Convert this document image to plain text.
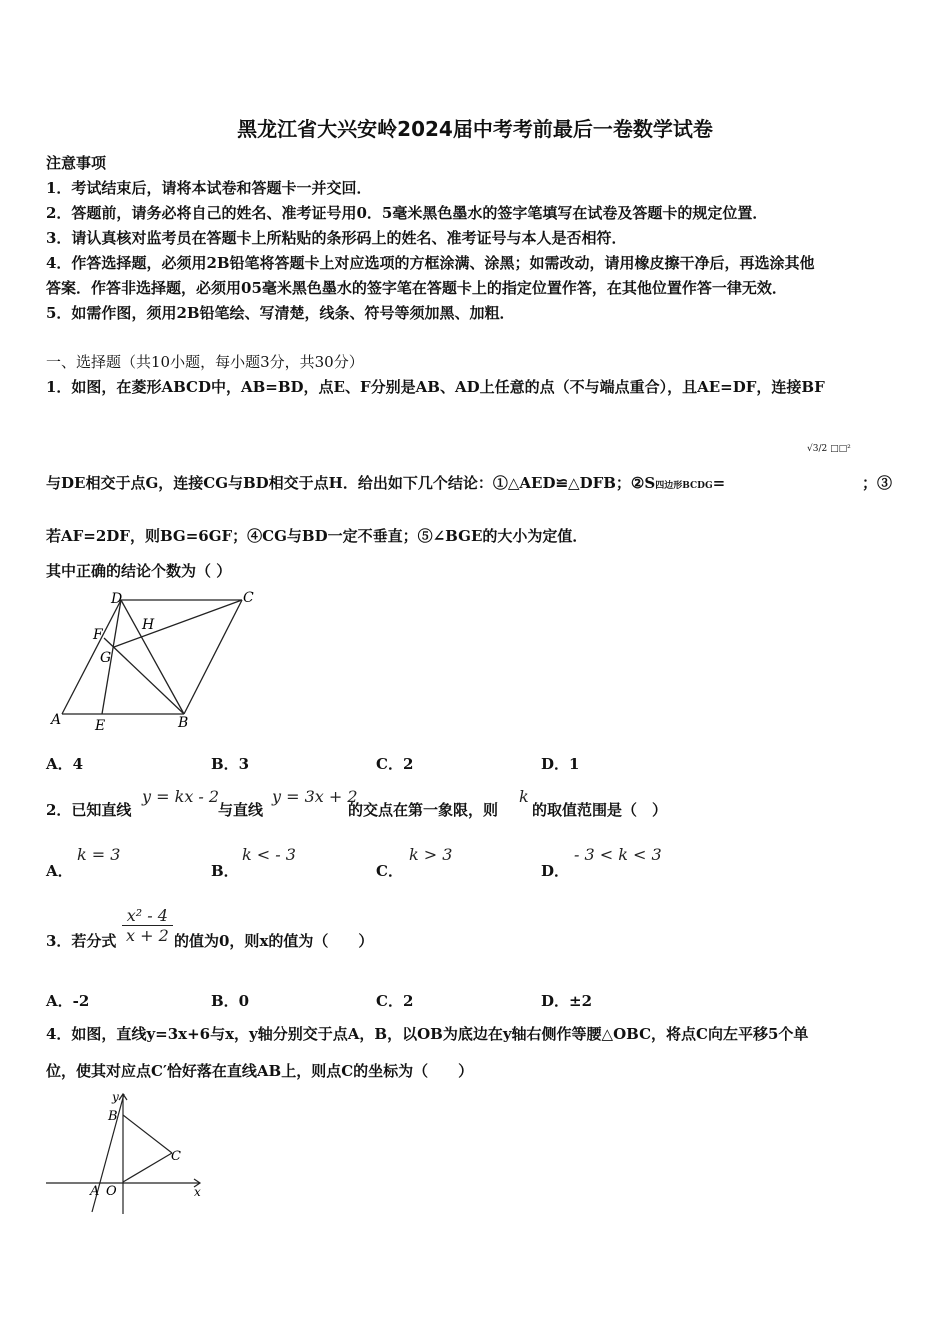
黑龙江省大兴安岭2024届中考考前最后一卷数学试卷
注意事项
1．考试结束后，请将本试卷和答题卡一并交回．
2．答题前，请务必将自己的姓名、准考证号用0．5毫米黑色墨水的签字笔填写在试卷及答题卡的规定位置．
3．请认真核对监考员在答题卡上所粘贴的条形码上的姓名、准考证号与本人是否相符．
4．作答选择题，必须用2B铅笔将答题卡上对应选项的方框涂满、涂黑；如需改动，请用橡皮擦干净后，再选涂其他
答案．作答非选择题，必须用05毫米黑色墨水的签字笔在答题卡上的指定位置作答，在其他位置作答一律无效．
5．如需作图，须用2B铅笔绘、写清楚，线条、符号等须加黑、加粗．
一、选择题（共10小题，每小题3分，共30分）
1．如图，在菱形ABCD中，AB=BD，点E、F分别是AB、AD上任意的点（不与端点重合），且AE=DF，连接BF
与DE相交于点G，连接CG与BD相交于点H．给出如下几个结论：①△AED≌△DFB；②S四边形BCDG=
√3/2 □□²
；③
若AF=2DF，则BG=6GF；④CG与BD一定不垂直；⑤∠BGE的大小为定值．
其中正确的结论个数为（ ）
D	C
F
H
G
A E	B
A．4	B．3	C．2	D．1
2．已知直线
y = kx - 2
与直线
y = 3x + 2
的交点在第一象限，则
k
的取值范围是（　）
A．
k = 3
B．
k < - 3
C．
k > 3
D．
- 3 < k < 3
3．若分式 $\frac{\text{x² - 4}}{x + 2}$ 的值为0，则x的值为（　　）
A．-2	B．0	C．2	D．±2
4．如图，直线y=3x+6与x，y轴分别交于点A，B，以OB为底边在y轴右侧作等腰△OBC，将点C向左平移5个单
位，使其对应点C′恰好落在直线AB上，则点C的坐标为（　　）
y
B
C
A O	x
